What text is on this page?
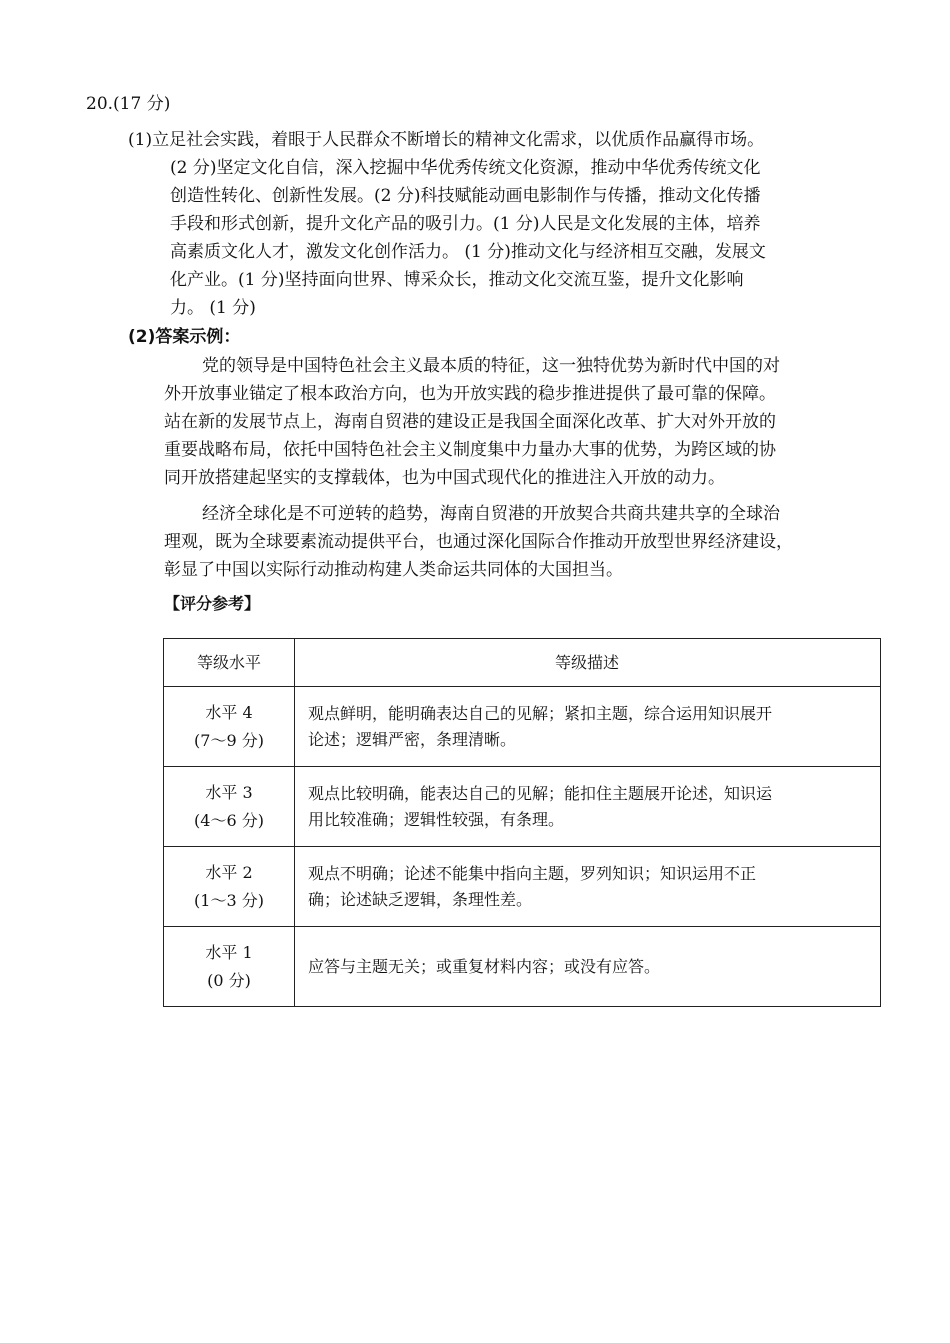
20.(17 分)
(1)立足社会实践，着眼于人民群众不断增长的精神文化需求，以优质作品赢得市场。
(2 分)坚定文化自信，深入挖掘中华优秀传统文化资源，推动中华优秀传统文化
创造性转化、创新性发展。(2 分)科技赋能动画电影制作与传播，推动文化传播
手段和形式创新，提升文化产品的吸引力。(1 分)人民是文化发展的主体，培养
高素质文化人才，激发文化创作活力。 (1 分)推动文化与经济相互交融，发展文
化产业。(1 分)坚持面向世界、博采众长，推动文化交流互鉴，提升文化影响
力。 (1 分)
(2)答案示例：
党的领导是中国特色社会主义最本质的特征，这一独特优势为新时代中国的对
外开放事业锚定了根本政治方向，也为开放实践的稳步推进提供了最可靠的保障。
站在新的发展节点上，海南自贸港的建设正是我国全面深化改革、扩大对外开放的
重要战略布局，依托中国特色社会主义制度集中力量办大事的优势，为跨区域的协
同开放搭建起坚实的支撑载体，也为中国式现代化的推进注入开放的动力。
经济全球化是不可逆转的趋势，海南自贸港的开放契合共商共建共享的全球治
理观，既为全球要素流动提供平台，也通过深化国际合作推动开放型世界经济建设，
彰显了中国以实际行动推动构建人类命运共同体的大国担当。
【评分参考】
等级水平	等级描述

水平 4
(7～9 分)	观点鲜明，能明确表达自己的见解；紧扣主题，综合运用知识展开
论述；逻辑严密，条理清晰。

水平 3
(4～6 分)	观点比较明确，能表达自己的见解；能扣住主题展开论述，知识运
用比较准确；逻辑性较强，有条理。

水平 2
(1～3 分)	观点不明确；论述不能集中指向主题，罗列知识；知识运用不正
确；论述缺乏逻辑，条理性差。

水平 1
(0 分)	应答与主题无关；或重复材料内容；或没有应答。
